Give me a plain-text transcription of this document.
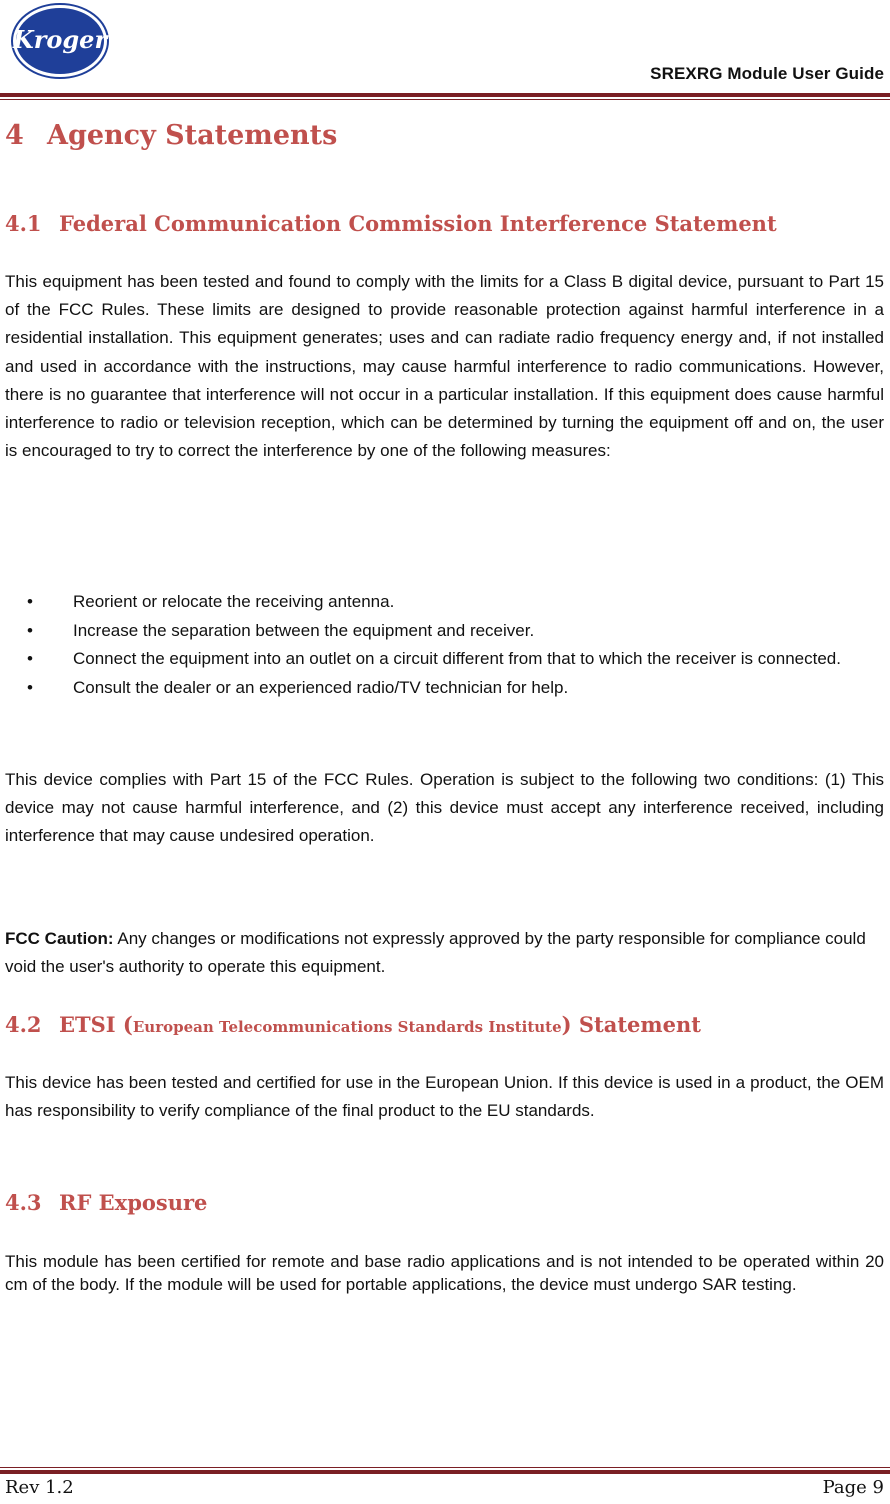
Kroger
SREXRG Module User Guide
4 Agency Statements
4.1 Federal Communication Commission Interference Statement

This equipment has been tested and found to comply with the limits for a Class B digital device, pursuant to Part 15 of the FCC Rules. These limits are designed to provide reasonable protection against harmful interference in a residential installation. This equipment generates; uses and can radiate radio frequency energy and, if not installed and used in accordance with the instructions, may cause harmful interference to radio communications. However, there is no guarantee that interference will not occur in a particular installation. If this equipment does cause harmful interference to radio or television reception, which can be determined by turning the equipment off and on, the user is encouraged to try to correct the interference by one of the following measures:

• Reorient or relocate the receiving antenna.
• Increase the separation between the equipment and receiver.
• Connect the equipment into an outlet on a circuit different from that to which the receiver is connected.
• Consult the dealer or an experienced radio/TV technician for help.

This device complies with Part 15 of the FCC Rules. Operation is subject to the following two conditions: (1) This device may not cause harmful interference, and (2) this device must accept any interference received, including interference that may cause undesired operation.

FCC Caution: Any changes or modifications not expressly approved by the party responsible for compliance could void the user's authority to operate this equipment.

4.2 ETSI (European Telecommunications Standards Institute) Statement

This device has been tested and certified for use in the European Union. If this device is used in a product, the OEM has responsibility to verify compliance of the final product to the EU standards.

4.3 RF Exposure

This module has been certified for remote and base radio applications and is not intended to be operated within 20 cm of the body. If the module will be used for portable applications, the device must undergo SAR testing.

Rev 1.2	Page 9
